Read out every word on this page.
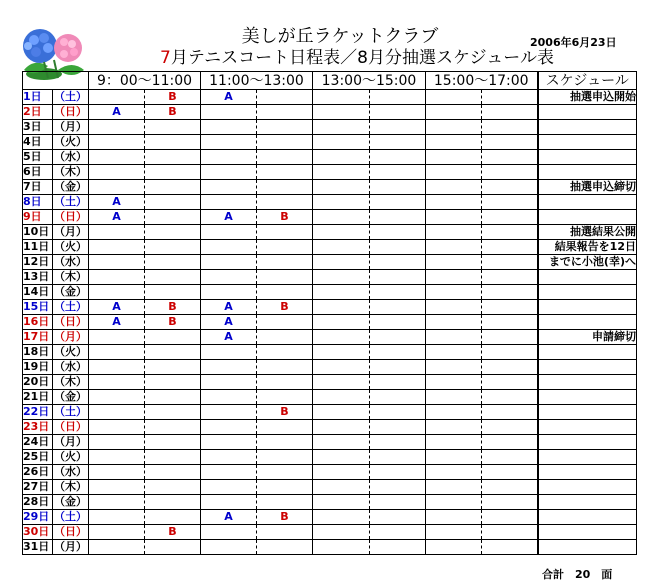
美しが丘ラケットクラブ	2006年6月23日
7月テニスコート日程表／8月分抽選スケジュール表
		9：00～11:00		11:00～13:00		13:00～15:00		15:00～17:00		スケジュール
1日	（土）		B	A						抽選申込開始
2日	（日）	A	B							
3日	（月）									
4日	（火）									
5日	（水）									
6日	（木）									
7日	（金）									抽選申込締切
8日	（土）	A								
9日	（日）	A		A	B					
10日	（月）									抽選結果公開
11日	（火）									結果報告を12日
12日	（水）									までに小池(幸)へ
13日	（木）									
14日	（金）									
15日	（土）	A	B	A	B					
16日	（日）	A	B	A						
17日	（月）			A						申請締切
18日	（火）									
19日	（水）									
20日	（木）									
21日	（金）									
22日	（土）				B					
23日	（日）									
24日	（月）									
25日	（火）									
26日	（水）									
27日	（木）									
28日	（金）									
29日	（土）			A	B					
30日	（日）		B							
31日	（月）									
合計　20　面
